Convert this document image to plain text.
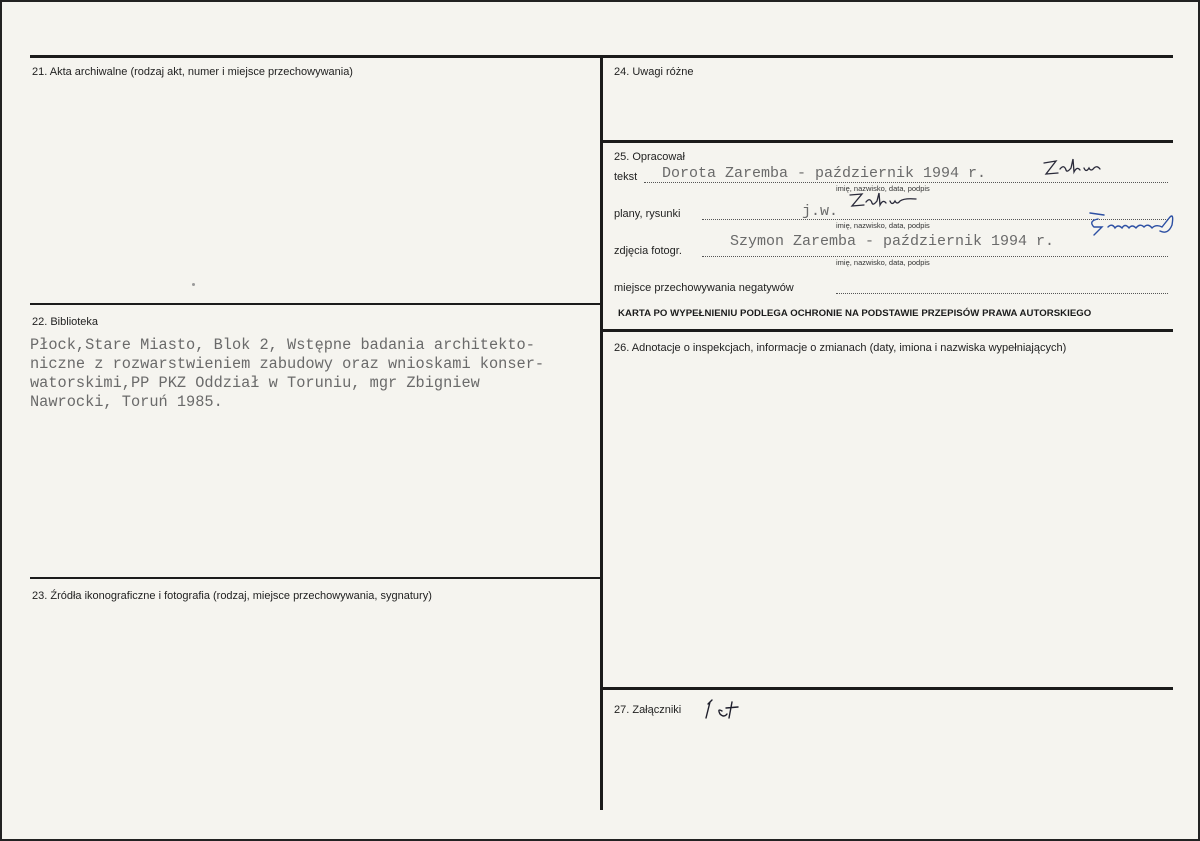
21. Akta archiwalne (rodzaj akt, numer i miejsce przechowywania)
22. Biblioteka
Płock,Stare Miasto, Blok 2, Wstępne badania architekto-
niczne z rozwarstwieniem zabudowy oraz wnioskami konser-
watorskimi,PP PKZ Oddział w Toruniu, mgr Zbigniew
Nawrocki, Toruń 1985.
23. Źródła ikonograficzne i fotografia (rodzaj, miejsce przechowywania, sygnatury)
24. Uwagi różne
25. Opracował
tekst Dorota Zaremba - październik 1994 r.
imię, nazwisko, data, podpis
plany, rysunki	j.w.
imię, nazwisko, data, podpis
zdjęcia fotogr.
Szymon Zaremba - październik 1994 r.
imię, nazwisko, data, podpis
miejsce przechowywania negatywów
KARTA PO WYPEŁNIENIU PODLEGA OCHRONIE NA PODSTAWIE PRZEPISÓW PRAWA AUTORSKIEGO
26. Adnotacje o inspekcjach, informacje o zmianach (daty, imiona i nazwiska wypełniających)
27. Załączniki
